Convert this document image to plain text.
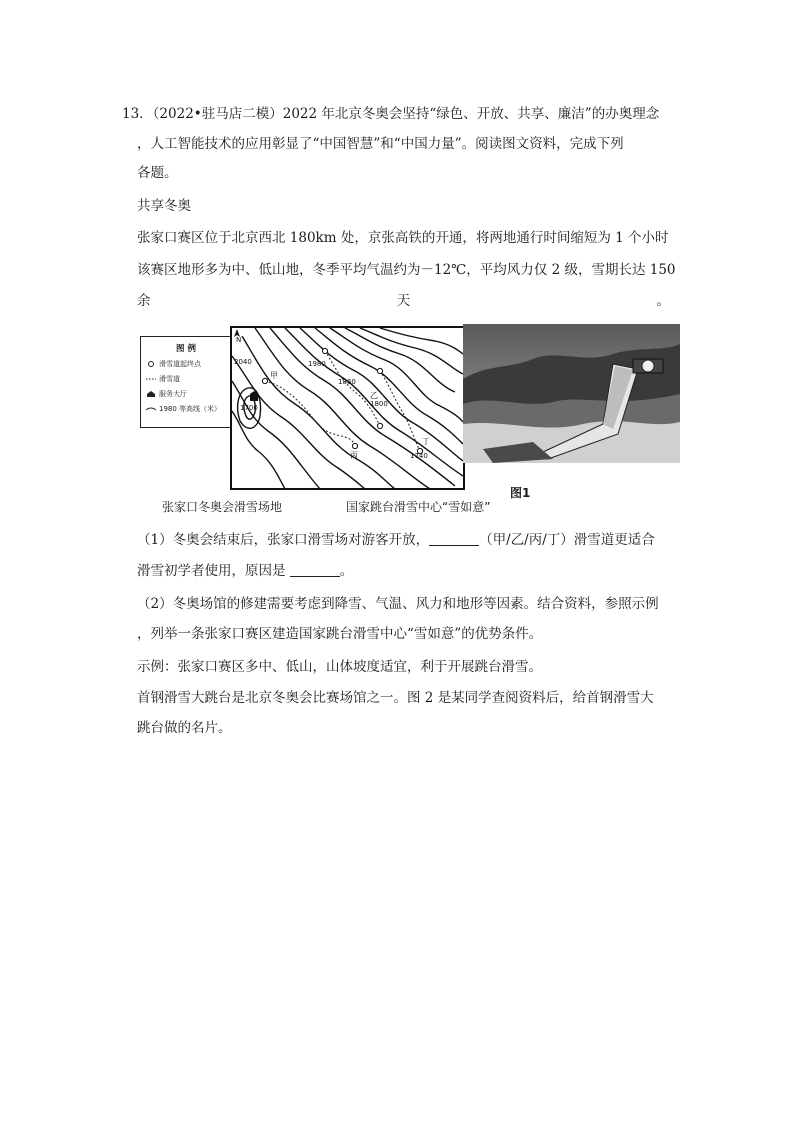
13．（2022•驻马店二模）2022 年北京冬奥会坚持“绿色、开放、共享、廉洁”的办奥理念
，人工智能技术的应用彰显了“中国智慧”和“中国力量”。阅读图文资料，完成下列
各题。
共享冬奥
张家口赛区位于北京西北 180km 处，京张高铁的开通，将两地通行时间缩短为 1 个小时
该赛区地形多为中、低山地，冬季平均气温约为－12℃，平均风力仅 2 级，雪期长达 150
余	天	。
图 例
滑雪道起终点
滑雪道
服务大厅
1980 等高线（米）
N
2040	1980
1860
1740
1700	1800
甲
乙
丙
丁
张家口冬奥会滑雪场地	国家跳台滑雪中心“雪如意”
图1
（1）冬奥会结束后，张家口滑雪场对游客开放，	（甲/乙/丙/丁）滑雪道更适合
滑雪初学者使用，原因是	。
（2）冬奥场馆的修建需要考虑到降雪、气温、风力和地形等因素。结合资料，参照示例
，列举一条张家口赛区建造国家跳台滑雪中心“雪如意”的优势条件。
示例：张家口赛区多中、低山，山体坡度适宜，利于开展跳台滑雪。
首钢滑雪大跳台是北京冬奥会比赛场馆之一。图 2 是某同学查阅资料后，给首钢滑雪大
跳台做的名片。
